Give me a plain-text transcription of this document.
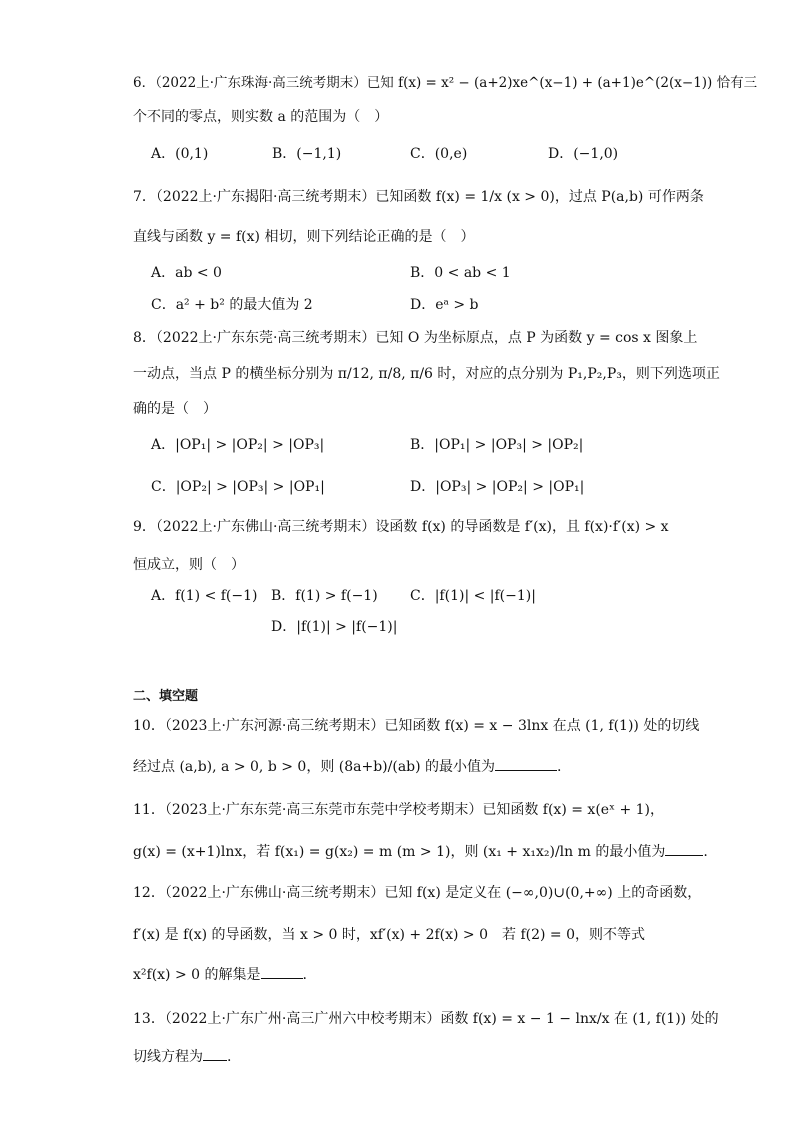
6．（2022上·广东珠海·高三统考期末）已知 f(x) = x² − (a+2)xe^(x−1) + (a+1)e^(2(x−1)) 恰有三
个不同的零点，则实数 a 的范围为（　）
A．(0,1)	B．(−1,1)	C．(0,e)	D．(−1,0)
7．（2022上·广东揭阳·高三统考期末）已知函数 f(x) = 1/x (x > 0)，过点 P(a,b) 可作两条
直线与函数 y = f(x) 相切，则下列结论正确的是（　）
A．ab < 0	B．0 < ab < 1
C．a² + b² 的最大值为 2	D．eᵃ > b
8．（2022上·广东东莞·高三统考期末）已知 O 为坐标原点，点 P 为函数 y = cos x 图象上
一动点，当点 P 的横坐标分别为 π/12, π/8, π/6 时，对应的点分别为 P₁,P₂,P₃，则下列选项正
确的是（　）
A．|OP₁| > |OP₂| > |OP₃|	B．|OP₁| > |OP₃| > |OP₂|
C．|OP₂| > |OP₃| > |OP₁|	D．|OP₃| > |OP₂| > |OP₁|
9．（2022上·广东佛山·高三统考期末）设函数 f(x) 的导函数是 f′(x)，且 f(x)·f′(x) > x
恒成立，则（　）
A．f(1) < f(−1) B．f(1) > f(−1) C．|f(1)| < |f(−1)|
D．|f(1)| > |f(−1)|
二、填空题
10．（2023上·广东河源·高三统考期末）已知函数 f(x) = x − 3lnx 在点 (1, f(1)) 处的切线
经过点 (a,b), a > 0, b > 0，则 (8a+b)/(ab) 的最小值为	.
11．（2023上·广东东莞·高三东莞市东莞中学校考期末）已知函数 f(x) = x(eˣ + 1)，
g(x) = (x+1)lnx，若 f(x₁) = g(x₂) = m (m > 1)，则 (x₁ + x₁x₂)/ln m 的最小值为	.
12．（2022上·广东佛山·高三统考期末）已知 f(x) 是定义在 (−∞,0)∪(0,+∞) 上的奇函数，
f′(x) 是 f(x) 的导函数，当 x > 0 时，xf′(x) + 2f(x) > 0　若 f(2) = 0，则不等式
x²f(x) > 0 的解集是	.
13．（2022上·广东广州·高三广州六中校考期末）函数 f(x) = x − 1 − lnx/x 在 (1, f(1)) 处的
切线方程为 .
